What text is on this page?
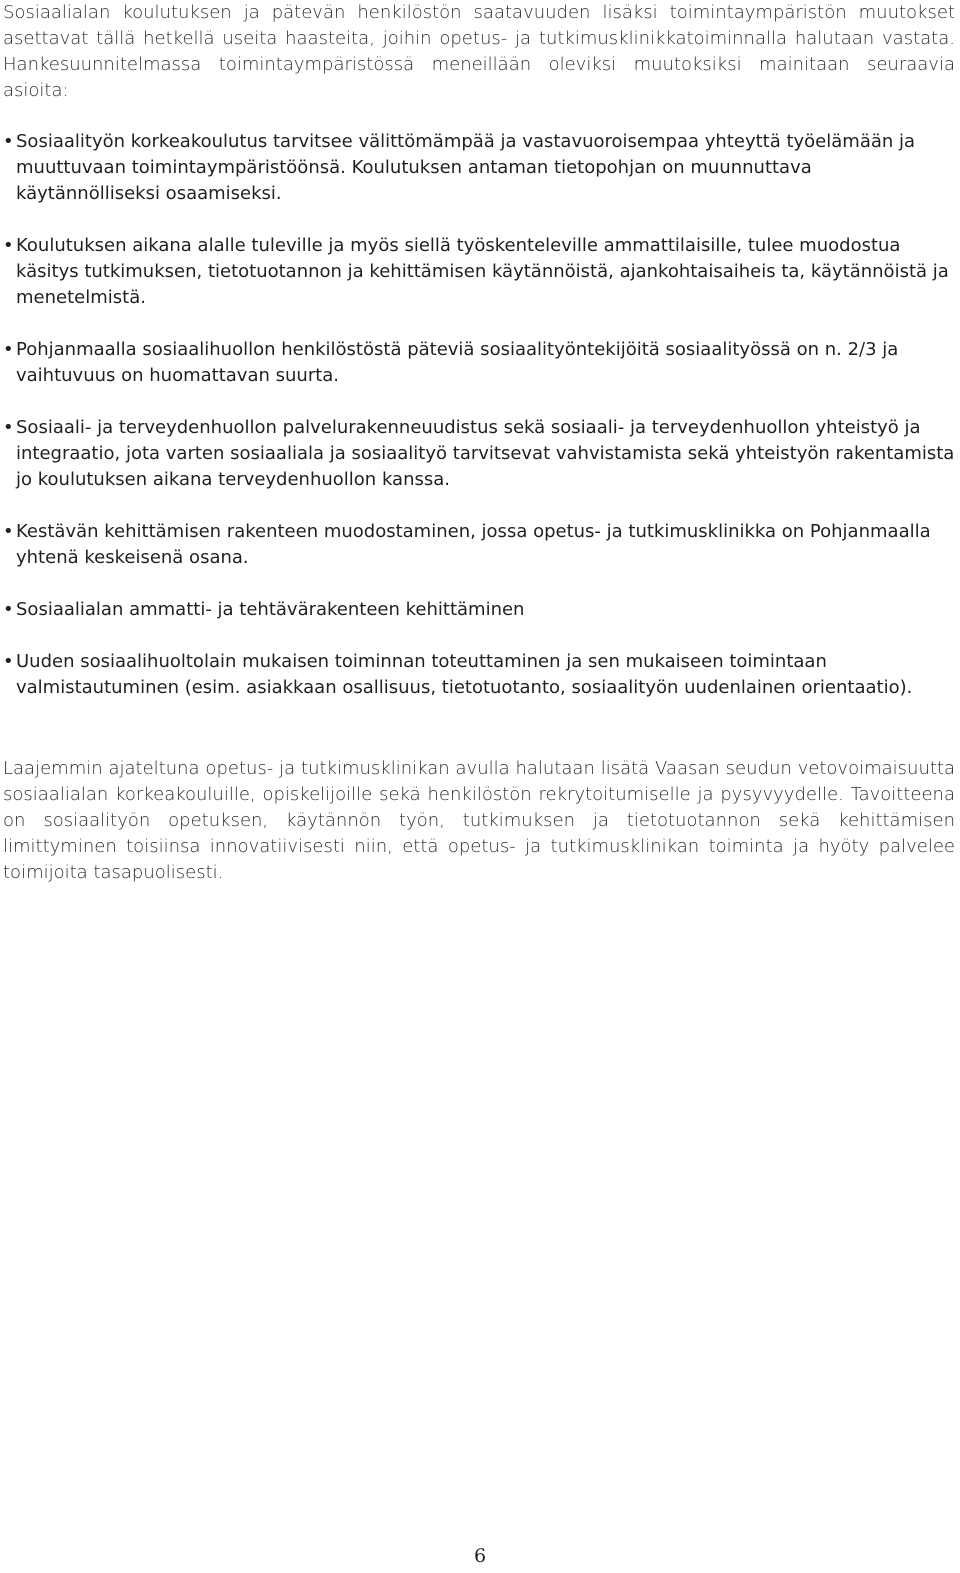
Sosiaalialan koulutuksen ja pätevän henkilöstön saatavuuden lisäksi toimintaympäristön muutokset asettavat tällä hetkellä useita haasteita, joihin opetus- ja tutkimusklinikkatoiminnalla halutaan vastata. Hankesuunnitelmassa toimintaympäristössä meneillään oleviksi muutoksiksi mainitaan seuraavia asioita:

• Sosiaalityön korkeakoulutus tarvitsee välittömämpää ja vastavuoroisempaa yhteyttä työelämään ja muuttuvaan toimintaympäristöönsä. Koulutuksen antaman tietopohjan on muunnuttava käytännölliseksi osaamiseksi.
• Koulutuksen aikana alalle tuleville ja myös siellä työskenteleville ammattilaisille, tulee muodostua käsitys tutkimuksen, tietotuotannon ja kehittämisen käytännöistä, ajankohtaisaiheis ta, käytännöistä ja menetelmistä.
• Pohjanmaalla sosiaalihuollon henkilöstöstä päteviä sosiaalityöntekijöitä sosiaalityössä on n. 2/3 ja vaihtuvuus on huomattavan suurta.
• Sosiaali- ja terveydenhuollon palvelurakenneuudistus sekä sosiaali- ja terveydenhuollon yhteistyö ja integraatio, jota varten sosiaaliala ja sosiaalityö tarvitsevat vahvistamista sekä yhteistyön rakentamista jo koulutuksen aikana terveydenhuollon kanssa.
• Kestävän kehittämisen rakenteen muodostaminen, jossa opetus- ja tutkimusklinikka on Pohjanmaalla yhtenä keskeisenä osana.
• Sosiaalialan ammatti- ja tehtävärakenteen kehittäminen
• Uuden sosiaalihuoltolain mukaisen toiminnan toteuttaminen ja sen mukaiseen toimintaan valmistautuminen (esim. asiakkaan osallisuus, tietotuotanto, sosiaalityön uudenlainen orientaatio).

Laajemmin ajateltuna opetus- ja tutkimusklinikan avulla halutaan lisätä Vaasan seudun vetovoimaisuutta sosiaalialan korkeakouluille, opiskelijoille sekä henkilöstön rekrytoitumiselle ja pysyvyydelle. Tavoitteena on sosiaalityön opetuksen, käytännön työn, tutkimuksen ja tietotuotannon sekä kehittämisen limittyminen toisiinsa innovatiivisesti niin, että opetus- ja tutkimusklinikan toiminta ja hyöty palvelee toimijoita tasapuolisesti.

6
